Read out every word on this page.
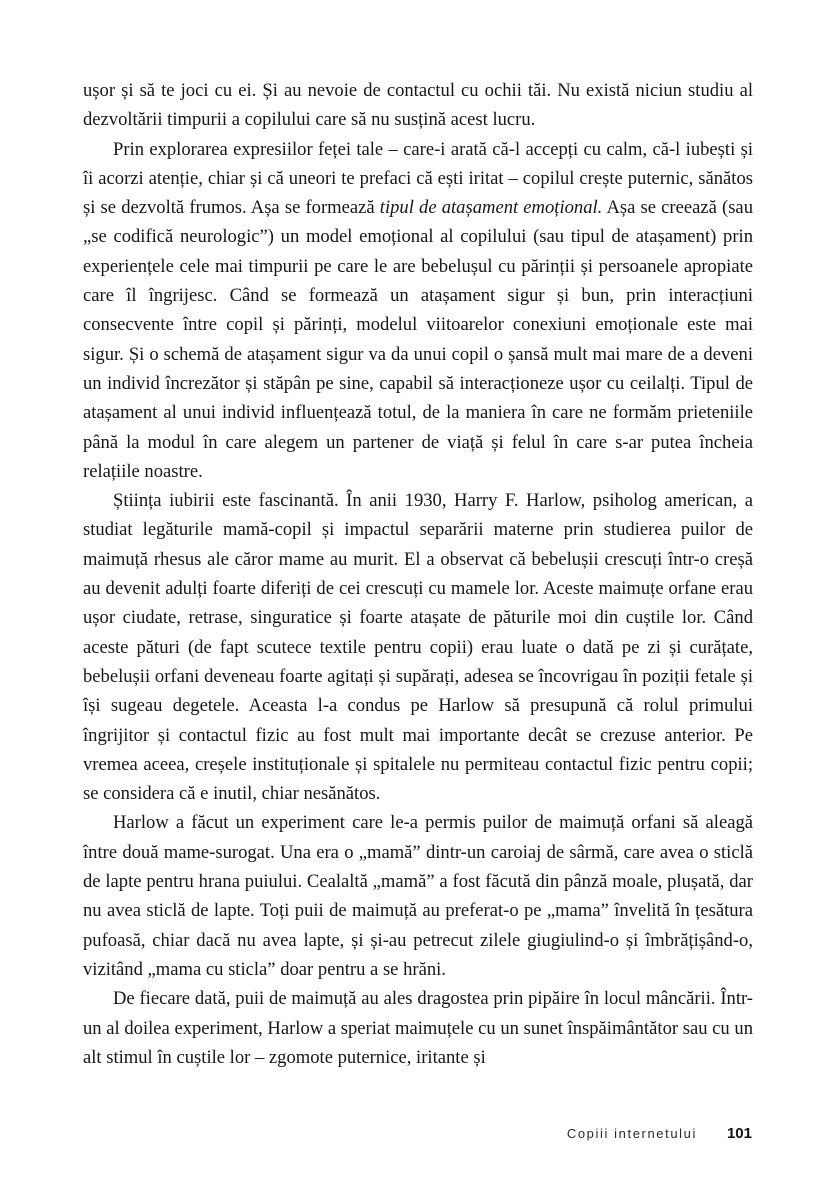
ușor și să te joci cu ei. Și au nevoie de contactul cu ochii tăi. Nu există niciun studiu al dezvoltării timpurii a copilului care să nu susțină acest lucru.

Prin explorarea expresiilor feței tale – care-i arată că-l accepți cu calm, că-l iubești și îi acorzi atenție, chiar și că uneori te prefaci că ești iritat – copilul crește puternic, sănătos și se dezvoltă frumos. Așa se formează tipul de atașament emoțional. Așa se creează (sau „se codifică neurologic”) un model emoțional al copilului (sau tipul de atașament) prin experiențele cele mai timpurii pe care le are bebelușul cu părinții și persoanele apropiate care îl îngrijesc. Când se formează un atașament sigur și bun, prin interacțiuni consecvente între copil și părinți, modelul viitoarelor conexiuni emoționale este mai sigur. Și o schemă de atașament sigur va da unui copil o șansă mult mai mare de a deveni un individ încrezător și stăpân pe sine, capabil să interacționeze ușor cu ceilalți. Tipul de atașament al unui individ influențează totul, de la maniera în care ne formăm prieteniile până la modul în care alegem un partener de viață și felul în care s-ar putea încheia relațiile noastre.

Știința iubirii este fascinantă. În anii 1930, Harry F. Harlow, psiholog american, a studiat legăturile mamă-copil și impactul separării materne prin studierea puilor de maimuță rhesus ale căror mame au murit. El a observat că bebelușii crescuți într-o creșă au devenit adulți foarte diferiți de cei crescuți cu mamele lor. Aceste maimuțe orfane erau ușor ciudate, retrase, singuratice și foarte atașate de păturile moi din cuștile lor. Când aceste pături (de fapt scutece textile pentru copii) erau luate o dată pe zi și curățate, bebelușii orfani deveneau foarte agitați și supărați, adesea se încovrigau în poziții fetale și își sugeau degetele. Aceasta l-a condus pe Harlow să presupună că rolul primului îngrijitor și contactul fizic au fost mult mai importante decât se crezuse anterior. Pe vremea aceea, creșele instituționale și spitalele nu permiteau contactul fizic pentru copii; se considera că e inutil, chiar nesănătos.

Harlow a făcut un experiment care le-a permis puilor de maimuță orfani să aleagă între două mame-surogat. Una era o „mamă” dintr-un caroiaj de sârmă, care avea o sticlă de lapte pentru hrana puiului. Cealaltă „mamă” a fost făcută din pânză moale, plușată, dar nu avea sticlă de lapte. Toți puii de maimuță au preferat-o pe „mama” învelită în țesătura pufoasă, chiar dacă nu avea lapte, și și-au petrecut zilele giugiulind-o și îmbrățișând-o, vizitând „mama cu sticla” doar pentru a se hrăni.

De fiecare dată, puii de maimuță au ales dragostea prin pipăire în locul mâncării. Într-un al doilea experiment, Harlow a speriat maimuțele cu un sunet înspăimântător sau cu un alt stimul în cuștile lor – zgomote puternice, iritante și

Copiii internetului 101
